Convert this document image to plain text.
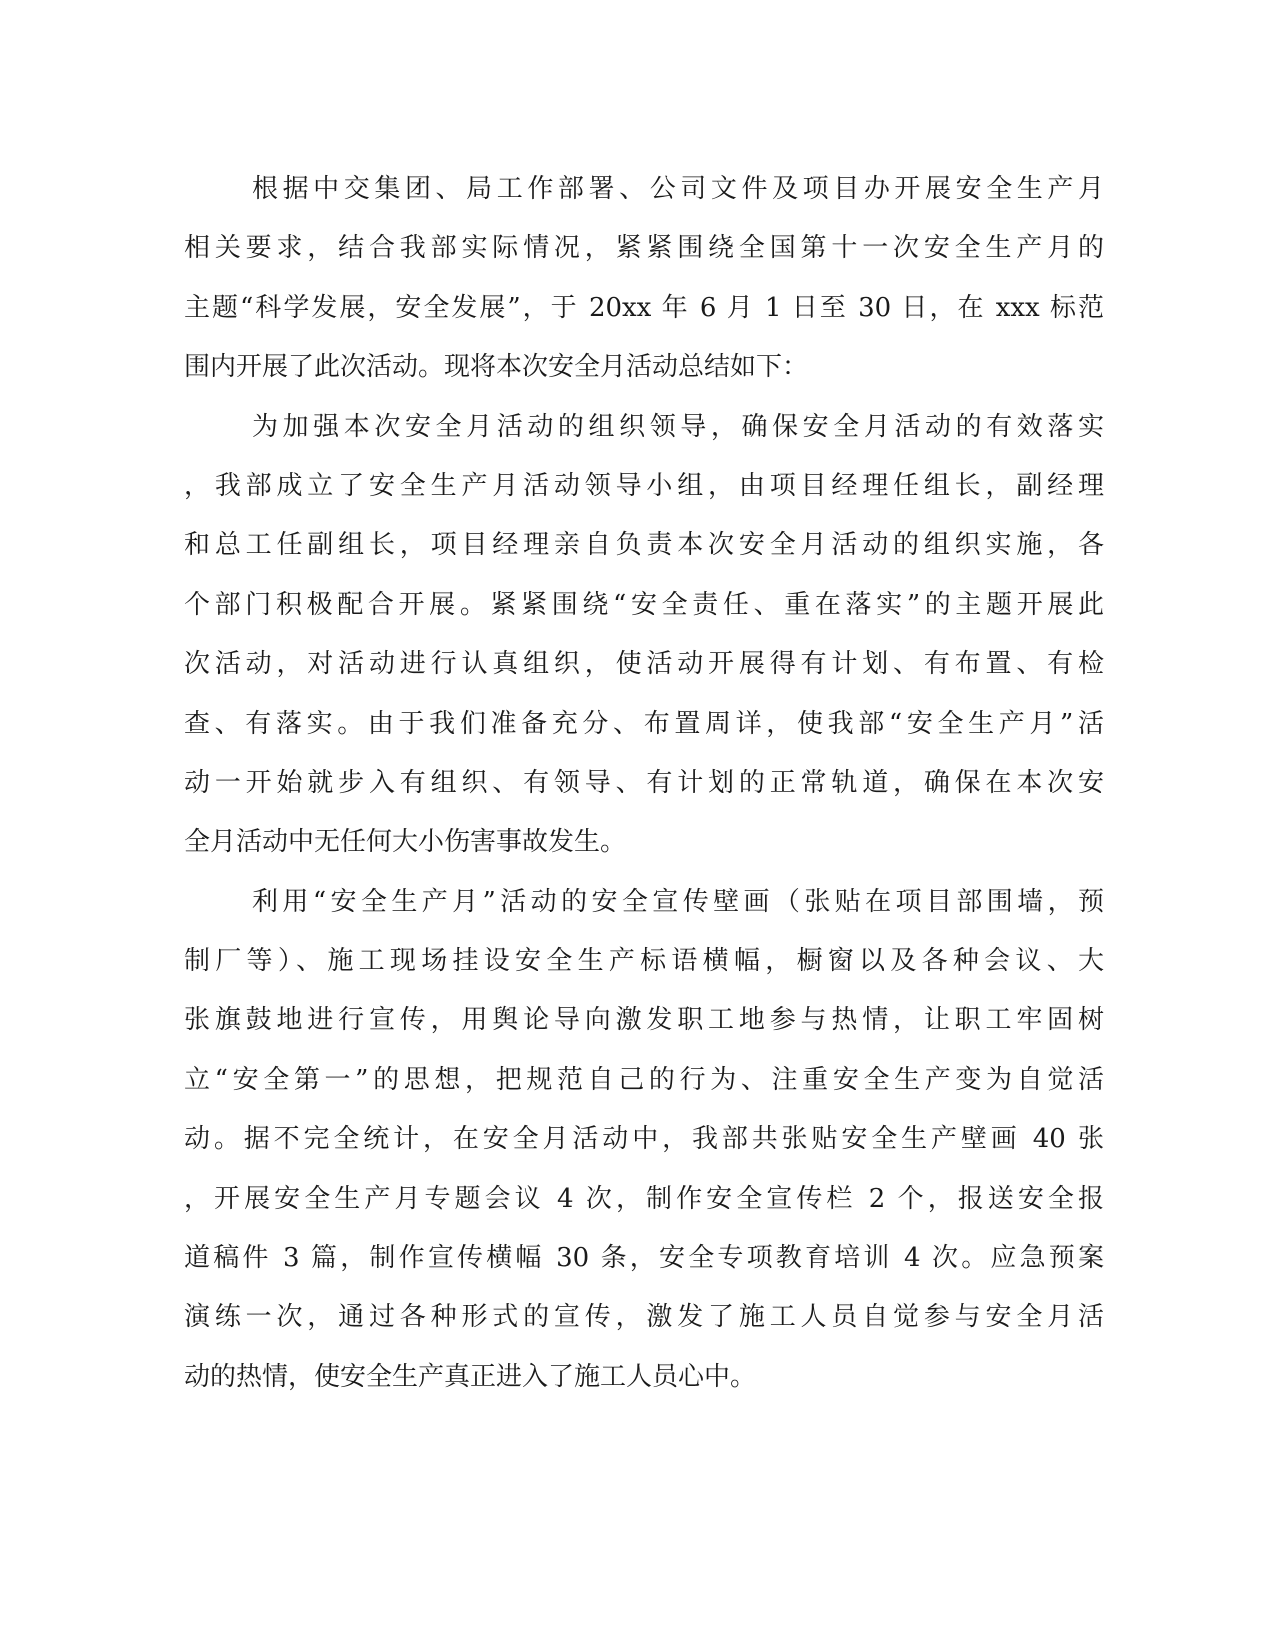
根据中交集团、局工作部署、公司文件及项目办开展安全生产月
相关要求，结合我部实际情况，紧紧围绕全国第十一次安全生产月的
主题“科学发展，安全发展”，于 20xx 年 6 月 1 日至 30 日，在 xxx 标范
围内开展了此次活动。现将本次安全月活动总结如下：
为加强本次安全月活动的组织领导，确保安全月活动的有效落实
，我部成立了安全生产月活动领导小组，由项目经理任组长，副经理
和总工任副组长，项目经理亲自负责本次安全月活动的组织实施，各
个部门积极配合开展。紧紧围绕“安全责任、重在落实”的主题开展此
次活动，对活动进行认真组织，使活动开展得有计划、有布置、有检
查、有落实。由于我们准备充分、布置周详，使我部“安全生产月”活
动一开始就步入有组织、有领导、有计划的正常轨道，确保在本次安
全月活动中无任何大小伤害事故发生。
利用“安全生产月”活动的安全宣传壁画（张贴在项目部围墙，预
制厂等）、施工现场挂设安全生产标语横幅，橱窗以及各种会议、大
张旗鼓地进行宣传，用舆论导向激发职工地参与热情，让职工牢固树
立“安全第一”的思想，把规范自己的行为、注重安全生产变为自觉活
动。据不完全统计，在安全月活动中，我部共张贴安全生产壁画 40 张
，开展安全生产月专题会议 4 次，制作安全宣传栏 2 个，报送安全报
道稿件 3 篇，制作宣传横幅 30 条，安全专项教育培训 4 次。应急预案
演练一次，通过各种形式的宣传，激发了施工人员自觉参与安全月活
动的热情，使安全生产真正进入了施工人员心中。
